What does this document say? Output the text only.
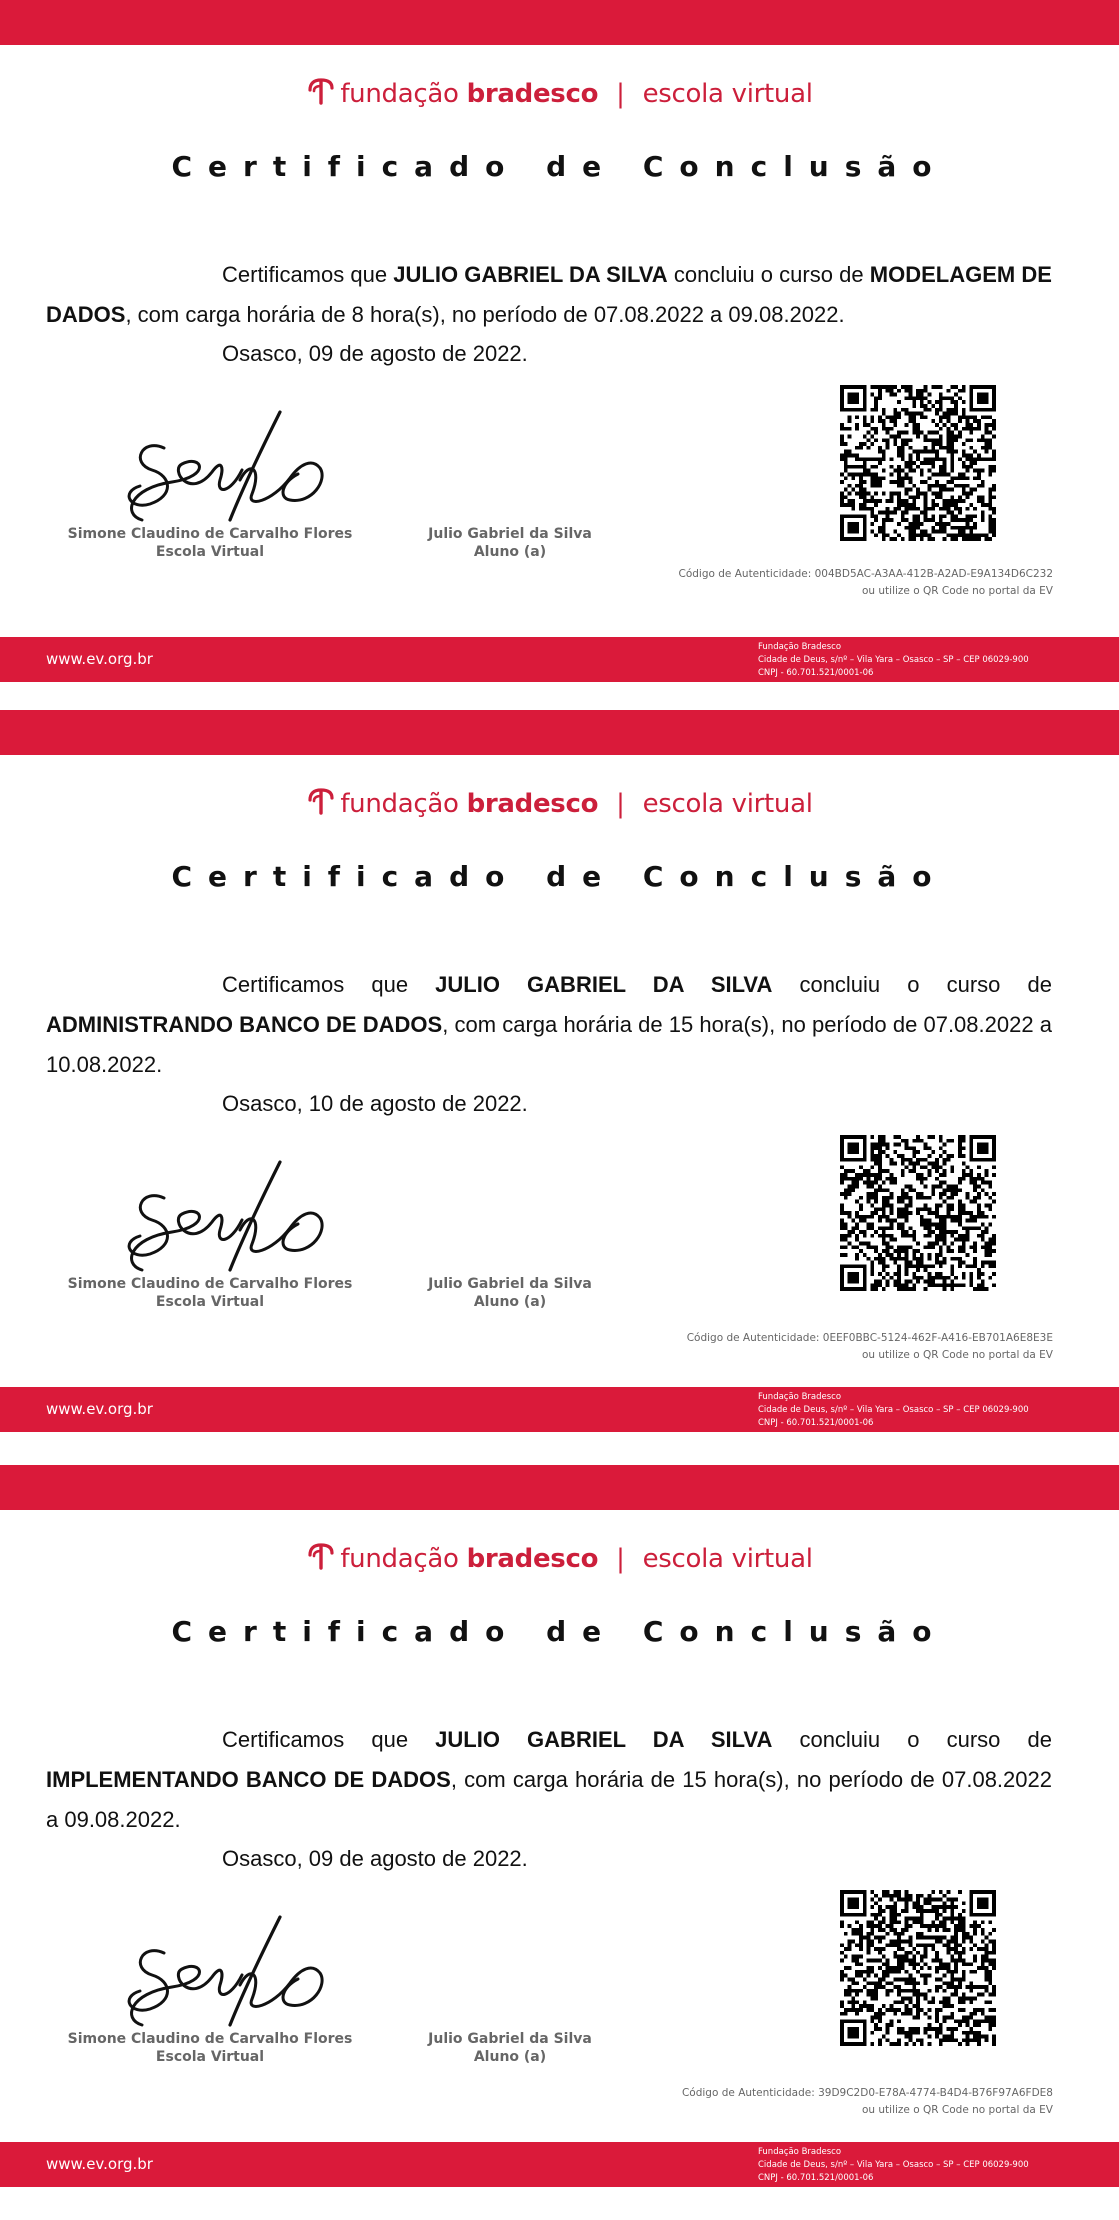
fundação bradesco | escola virtual
Certificado de Conclusão
Certificamos que JULIO GABRIEL DA SILVA concluiu o curso de MODELAGEM DE DADOS, com carga horária de 8 hora(s), no período de 07.08.2022 a 09.08.2022.
Osasco, 09 de agosto de 2022.
Simone Claudino de Carvalho Flores
Escola Virtual
Julio Gabriel da Silva
Aluno (a)
Código de Autenticidade: 004BD5AC-A3AA-412B-A2AD-E9A134D6C232
ou utilize o QR Code no portal da EV
www.ev.org.br
Fundação Bradesco
Cidade de Deus, s/nº – Vila Yara – Osasco – SP – CEP 06029-900
CNPJ - 60.701.521/0001-06
fundação bradesco | escola virtual
Certificado de Conclusão
Certificamos que JULIO GABRIEL DA SILVA concluiu o curso de ADMINISTRANDO BANCO DE DADOS, com carga horária de 15 hora(s), no período de 07.08.2022 a 10.08.2022.
Osasco, 10 de agosto de 2022.
Simone Claudino de Carvalho Flores
Escola Virtual
Julio Gabriel da Silva
Aluno (a)
Código de Autenticidade: 0EEF0BBC-5124-462F-A416-EB701A6E8E3E
ou utilize o QR Code no portal da EV
www.ev.org.br
Fundação Bradesco
Cidade de Deus, s/nº – Vila Yara – Osasco – SP – CEP 06029-900
CNPJ - 60.701.521/0001-06
fundação bradesco | escola virtual
Certificado de Conclusão
Certificamos que JULIO GABRIEL DA SILVA concluiu o curso de IMPLEMENTANDO BANCO DE DADOS, com carga horária de 15 hora(s), no período de 07.08.2022 a 09.08.2022.
Osasco, 09 de agosto de 2022.
Simone Claudino de Carvalho Flores
Escola Virtual
Julio Gabriel da Silva
Aluno (a)
Código de Autenticidade: 39D9C2D0-E78A-4774-B4D4-B76F97A6FDE8
ou utilize o QR Code no portal da EV
www.ev.org.br
Fundação Bradesco
Cidade de Deus, s/nº – Vila Yara – Osasco – SP – CEP 06029-900
CNPJ - 60.701.521/0001-06
